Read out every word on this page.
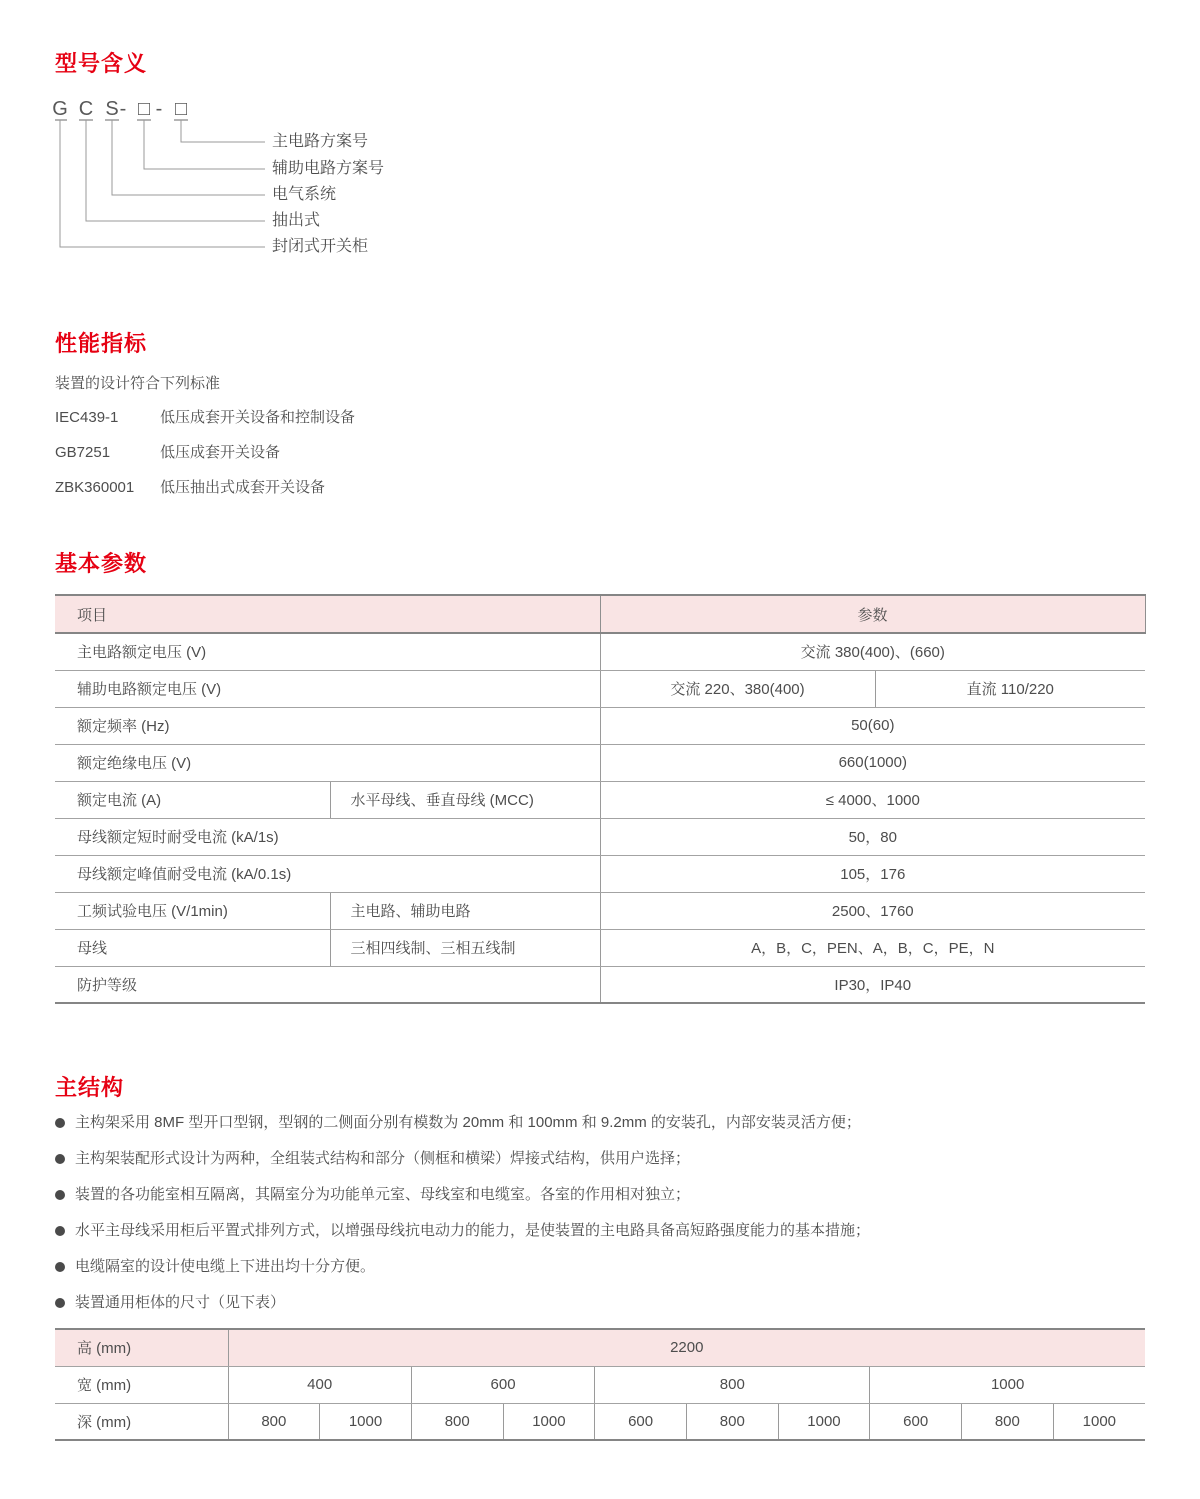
型号含义
G C S - □ - □
主电路方案号
辅助电路方案号
电气系统
抽出式
封闭式开关柜
性能指标
装置的设计符合下列标准
IEC439-1	低压成套开关设备和控制设备
GB7251	低压成套开关设备
ZBK360001 低压抽出式成套开关设备
基本参数
项目		参数	
主电路额定电压 (V)		交流 380(400)、(660)	
辅助电路额定电压 (V)		交流 220、380(400)	直流 110/220
额定频率 (Hz)		50(60)	
额定绝缘电压 (V)		660(1000)	
额定电流 (A)	水平母线、垂直母线 (MCC)	≤ 4000、1000	
母线额定短时耐受电流 (kA/1s)		50，80	
母线额定峰值耐受电流 (kA/0.1s)		105，176	
工频试验电压 (V/1min)	主电路、辅助电路	2500、1760	
母线	三相四线制、三相五线制	A，B，C，PEN、A，B，C，PE，N	
防护等级		IP30，IP40	
主结构
主构架采用 8MF 型开口型钢，型钢的二侧面分别有模数为 20mm 和 100mm 和 9.2mm 的安装孔，内部安装灵活方便；
主构架装配形式设计为两种，全组装式结构和部分（侧框和横梁）焊接式结构，供用户选择；
装置的各功能室相互隔离，其隔室分为功能单元室、母线室和电缆室。各室的作用相对独立；
水平主母线采用柜后平置式排列方式，以增强母线抗电动力的能力，是使装置的主电路具备高短路强度能力的基本措施；
电缆隔室的设计使电缆上下进出均十分方便。
装置通用柜体的尺寸（见下表）
高 (mm)	2200									
宽 (mm)	400		600		800			1000		
深 (mm)	800	1000	800	1000	600	800	1000	600	800	1000
